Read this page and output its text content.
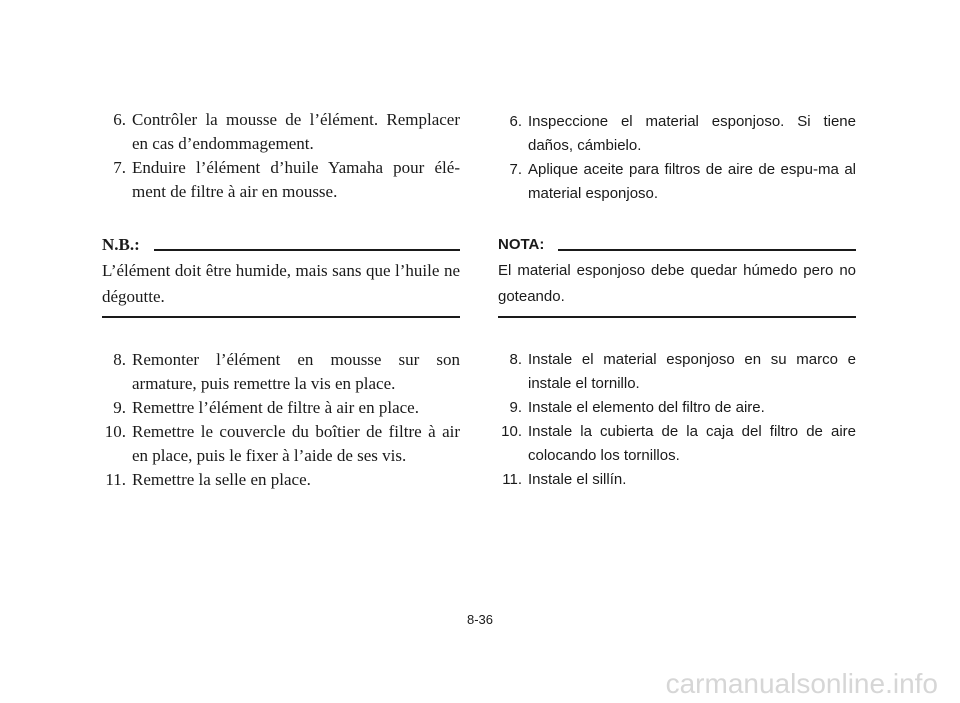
6. Contrôler la mousse de l’élément. Remplacer en cas d’endommagement.
7. Enduire l’élément d’huile Yamaha pour élé-ment de filtre à air en mousse.
N.B.:
L’élément doit être humide, mais sans que l’huile ne dégoutte.
8. Remonter l’élément en mousse sur son armature, puis remettre la vis en place.
9. Remettre l’élément de filtre à air en place.
10. Remettre le couvercle du boîtier de filtre à air en place, puis le fixer à l’aide de ses vis.
11. Remettre la selle en place.
6. Inspeccione el material esponjoso. Si tiene daños, cámbielo.
7. Aplique aceite para filtros de aire de espu-ma al material esponjoso.
NOTA:
El material esponjoso debe quedar húmedo pero no goteando.
8. Instale el material esponjoso en su marco e instale el tornillo.
9. Instale el elemento del filtro de aire.
10. Instale la cubierta de la caja del filtro de aire colocando los tornillos.
11. Instale el sillín.
8-36
carmanualsonline.info
